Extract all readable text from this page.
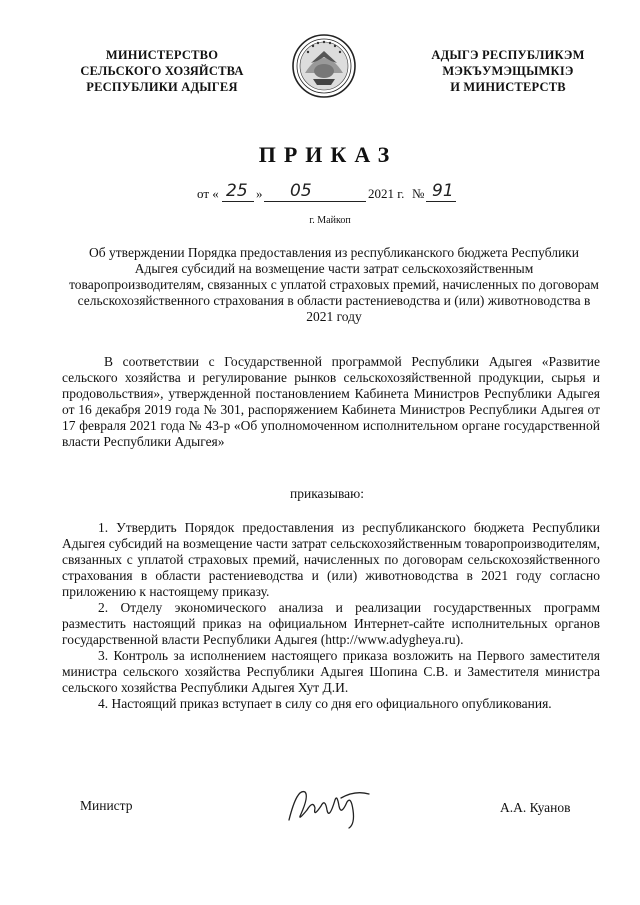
МИНИСТЕРСТВО
СЕЛЬСКОГО ХОЗЯЙСТВА
РЕСПУБЛИКИ АДЫГЕЯ
АДЫГЭ РЕСПУБЛИКЭМ
МЭКЪУМЭЩЫМКIЭ
И МИНИСТЕРСТВ
ПРИКАЗ
от « 25 » 05	2021 г. № 91
г. Майкоп
Об утверждении Порядка предоставления из республиканского бюджета Республики Адыгея субсидий на возмещение части затрат сельскохозяйственным товаропроизводителям, связанных с уплатой страховых премий, начисленных по договорам сельскохозяйственного страхования в области растениеводства и (или) животноводства в 2021 году
В соответствии с Государственной программой Республики Адыгея «Развитие сельского хозяйства и регулирование рынков сельскохозяйственной продукции, сырья и продовольствия», утвержденной постановлением Кабинета Министров Республики Адыгея от 16 декабря 2019 года № 301, распоряжением Кабинета Министров Республики Адыгея от 17 февраля 2021 года № 43-р «Об уполномоченном исполнительном органе государственной власти Республики Адыгея»
приказываю:

1. Утвердить Порядок предоставления из республиканского бюджета Республики Адыгея субсидий на возмещение части затрат сельскохозяйственным товаропроизводителям, связанных с уплатой страховых премий, начисленных по договорам сельскохозяйственного страхования в области растениеводства и (или) животноводства в 2021 году согласно приложению к настоящему приказу.

2. Отделу экономического анализа и реализации государственных программ разместить настоящий приказ на официальном Интернет-сайте исполнительных органов государственной власти Республики Адыгея (http://www.adygheya.ru).

3. Контроль за исполнением настоящего приказа возложить на Первого заместителя министра сельского хозяйства Республики Адыгея Шопина С.В. и Заместителя министра сельского хозяйства Республики Адыгея Хут Д.И.

4. Настоящий приказ вступает в силу со дня его официального опубликования.

Министр	А.А. Куанов
